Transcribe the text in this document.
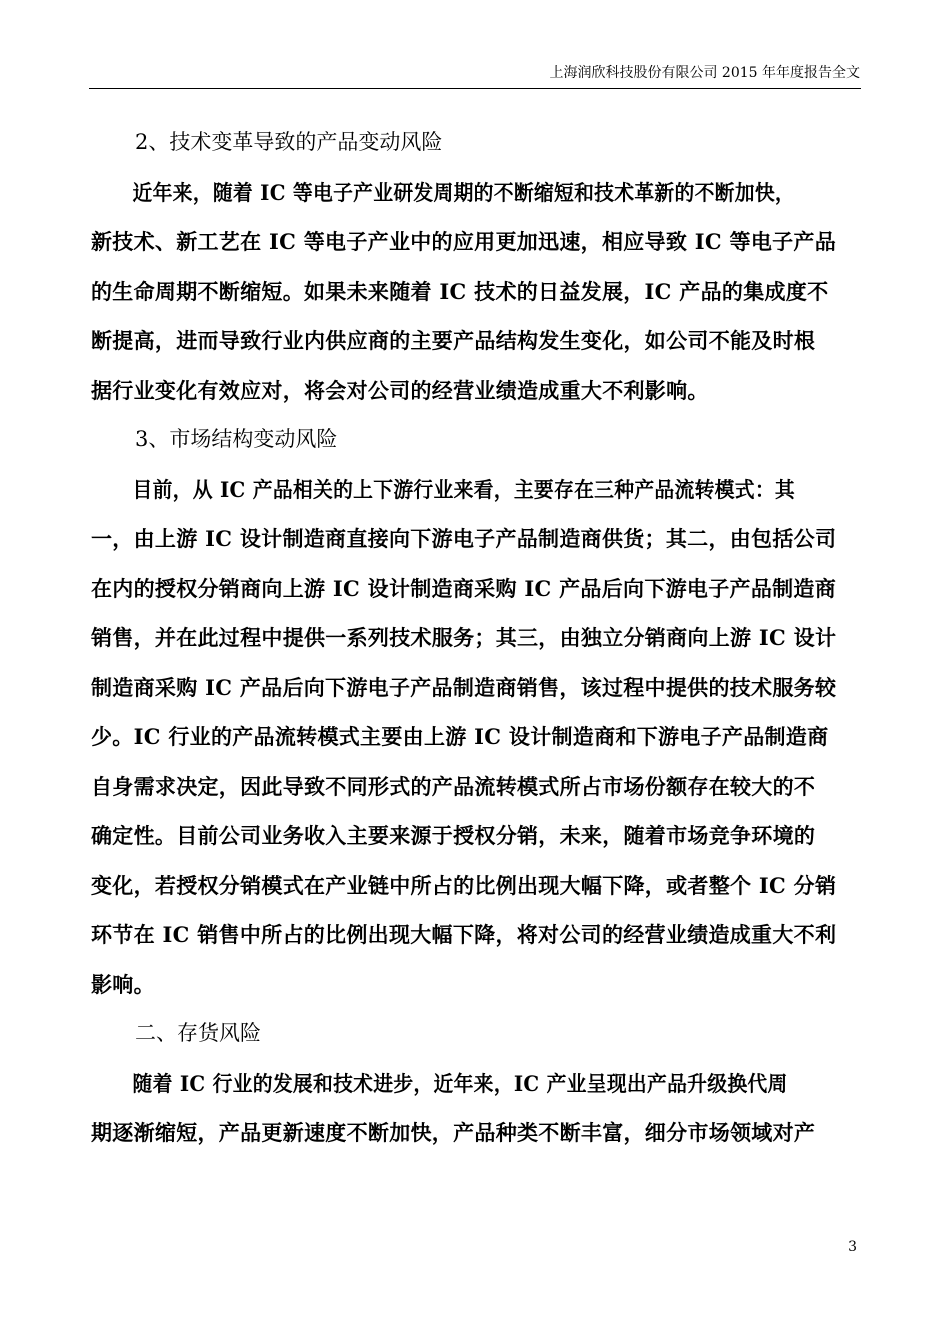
上海润欣科技股份有限公司 2015 年年度报告全文

2、技术变革导致的产品变动风险

近年来，随着 IC 等电子产业研发周期的不断缩短和技术革新的不断加快，
新技术、新工艺在 IC 等电子产业中的应用更加迅速，相应导致 IC 等电子产品
的生命周期不断缩短。如果未来随着 IC 技术的日益发展，IC 产品的集成度不
断提高，进而导致行业内供应商的主要产品结构发生变化，如公司不能及时根
据行业变化有效应对，将会对公司的经营业绩造成重大不利影响。

3、市场结构变动风险

目前，从 IC 产品相关的上下游行业来看，主要存在三种产品流转模式：其
一，由上游 IC 设计制造商直接向下游电子产品制造商供货；其二，由包括公司
在内的授权分销商向上游 IC 设计制造商采购 IC 产品后向下游电子产品制造商
销售，并在此过程中提供一系列技术服务；其三，由独立分销商向上游 IC 设计
制造商采购 IC 产品后向下游电子产品制造商销售，该过程中提供的技术服务较
少。IC 行业的产品流转模式主要由上游 IC 设计制造商和下游电子产品制造商
自身需求决定，因此导致不同形式的产品流转模式所占市场份额存在较大的不
确定性。目前公司业务收入主要来源于授权分销，未来，随着市场竞争环境的
变化，若授权分销模式在产业链中所占的比例出现大幅下降，或者整个 IC 分销
环节在 IC 销售中所占的比例出现大幅下降，将对公司的经营业绩造成重大不利
影响。

二、存货风险

随着 IC 行业的发展和技术进步，近年来，IC 产业呈现出产品升级换代周
期逐渐缩短，产品更新速度不断加快，产品种类不断丰富，细分市场领域对产

3
